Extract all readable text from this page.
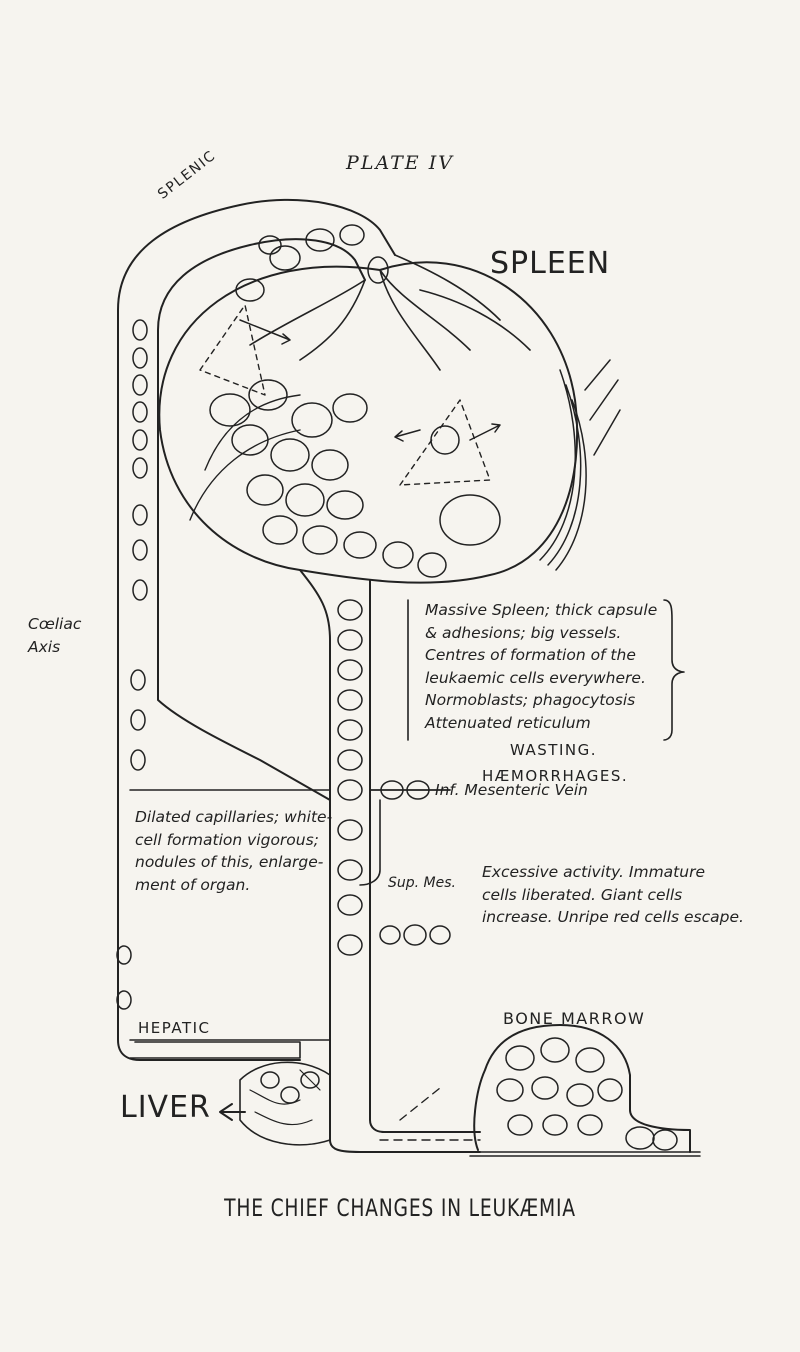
PLATE IV
SPLENIC
SPLEEN
Cœliac
Axis
Massive Spleen; thick capsule
& adhesions; big vessels.
Centres of formation of the
leukaemic cells everywhere.
Normoblasts; phagocytosis
Attenuated reticulum
WASTING.
HÆMORRHAGES.
Inf. Mesenteric Vein
Dilated capillaries; white-
cell formation vigorous;
nodules of this, enlarge-
ment of organ.	Sup. Mes.
Excessive activity. Immature
cells liberated. Giant cells
increase. Unripe red cells escape.
HEPATIC	BONE MARROW
LIVER
THE CHIEF CHANGES IN LEUKÆMIA
